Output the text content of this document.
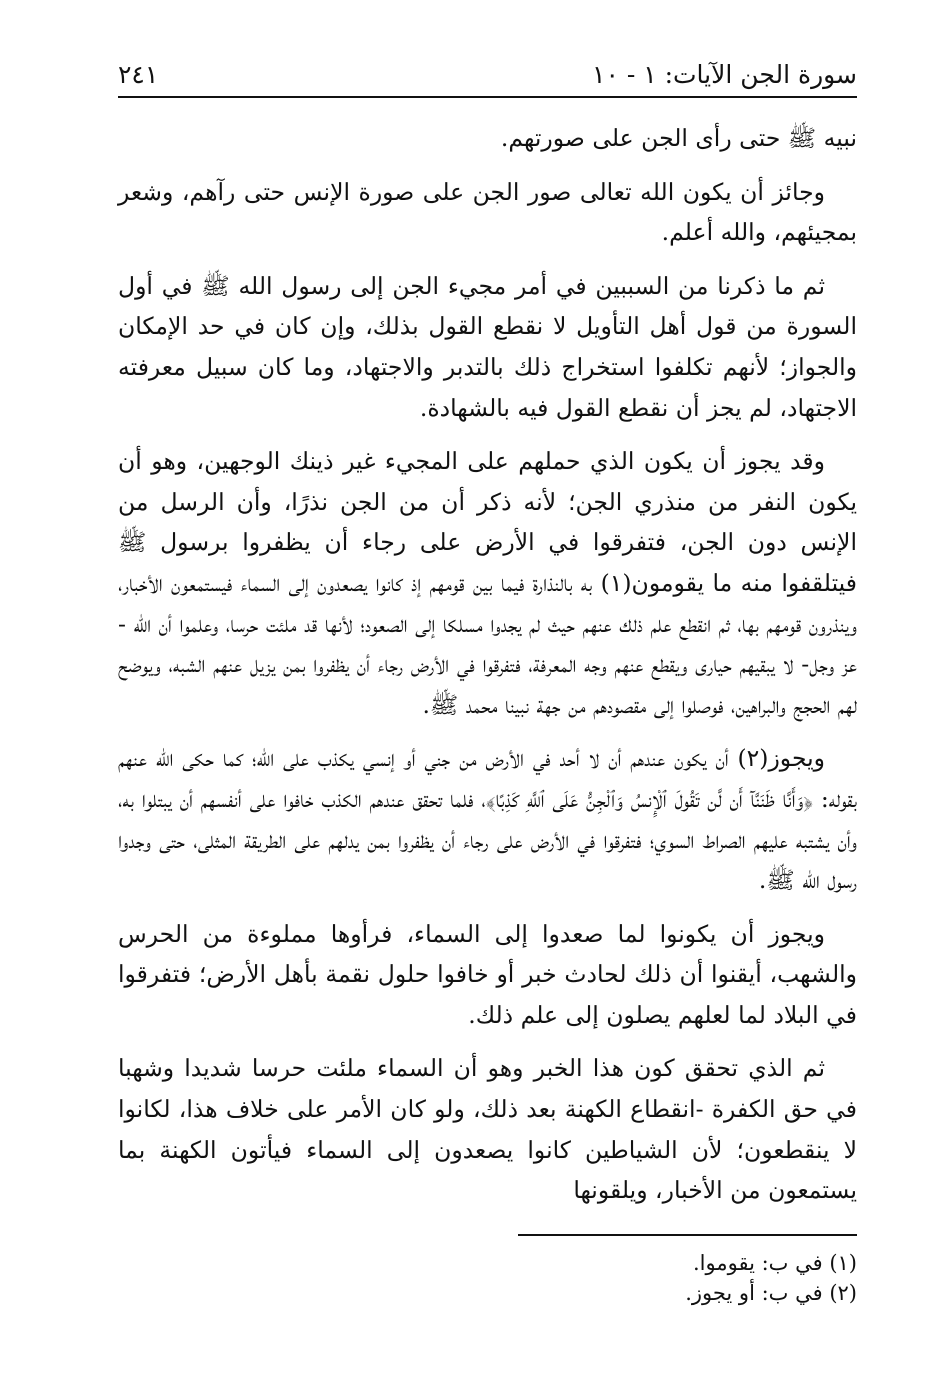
سورة الجن الآيات: ١ - ١٠
٢٤١

نبيه ﷺ حتى رأى الجن على صورتهم.

وجائز أن يكون الله تعالى صور الجن على صورة الإنس حتى رآهم، وشعر بمجيئهم، والله أعلم.

ثم ما ذكرنا من السببين في أمر مجيء الجن إلى رسول الله ﷺ في أول السورة من قول أهل التأويل لا نقطع القول بذلك، وإن كان في حد الإمكان والجواز؛ لأنهم تكلفوا استخراج ذلك بالتدبر والاجتهاد، وما كان سبيل معرفته الاجتهاد، لم يجز أن نقطع القول فيه بالشهادة.

وقد يجوز أن يكون الذي حملهم على المجيء غير ذينك الوجهين، وهو أن يكون النفر من منذري الجن؛ لأنه ذكر أن من الجن نذرًا، وأن الرسل من الإنس دون الجن، فتفرقوا في الأرض على رجاء أن يظفروا برسول ﷺ فيتلقفوا منه ما يقومون(١) به بالنذارة فيما بين قومهم إذ كانوا يصعدون إلى السماء فيستمعون الأخبار، وينذرون قومهم بها، ثم انقطع علم ذلك عنهم حيث لم يجدوا مسلكا إلى الصعود؛ لأنها قد ملئت حرسا، وعلموا أن الله - عز وجل- لا يبقيهم حيارى ويقطع عنهم وجه المعرفة، فتفرقوا في الأرض رجاء أن يظفروا بمن يزيل عنهم الشبه، ويوضح لهم الحجج والبراهين، فوصلوا إلى مقصودهم من جهة نبينا محمد ﷺ.

ويجوز(٢) أن يكون عندهم أن لا أحد في الأرض من جني أو إنسي يكذب على الله؛ كما حكى الله عنهم بقوله: ﴿وَأَنَّا ظَنَنَّآ أَن لَّن تَقُولَ ٱلْإِنسُ وَٱلْجِنُّ عَلَى ٱللَّهِ كَذِبًا﴾، فلما تحقق عندهم الكذب خافوا على أنفسهم أن يبتلوا به، وأن يشتبه عليهم الصراط السوي؛ فتفرقوا في الأرض على رجاء أن يظفروا بمن يدلهم على الطريقة المثلى، حتى وجدوا رسول الله ﷺ.

ويجوز أن يكونوا لما صعدوا إلى السماء، فرأوها مملوءة من الحرس والشهب، أيقنوا أن ذلك لحادث خبر أو خافوا حلول نقمة بأهل الأرض؛ فتفرقوا في البلاد لما لعلهم يصلون إلى علم ذلك.

ثم الذي تحقق كون هذا الخبر وهو أن السماء ملئت حرسا شديدا وشهبا في حق الكفرة -انقطاع الكهنة بعد ذلك، ولو كان الأمر على خلاف هذا، لكانوا لا ينقطعون؛ لأن الشياطين كانوا يصعدون إلى السماء فيأتون الكهنة بما يستمعون من الأخبار، ويلقونها

(١) في ب: يقوموا.
(٢) في ب: أو يجوز.
